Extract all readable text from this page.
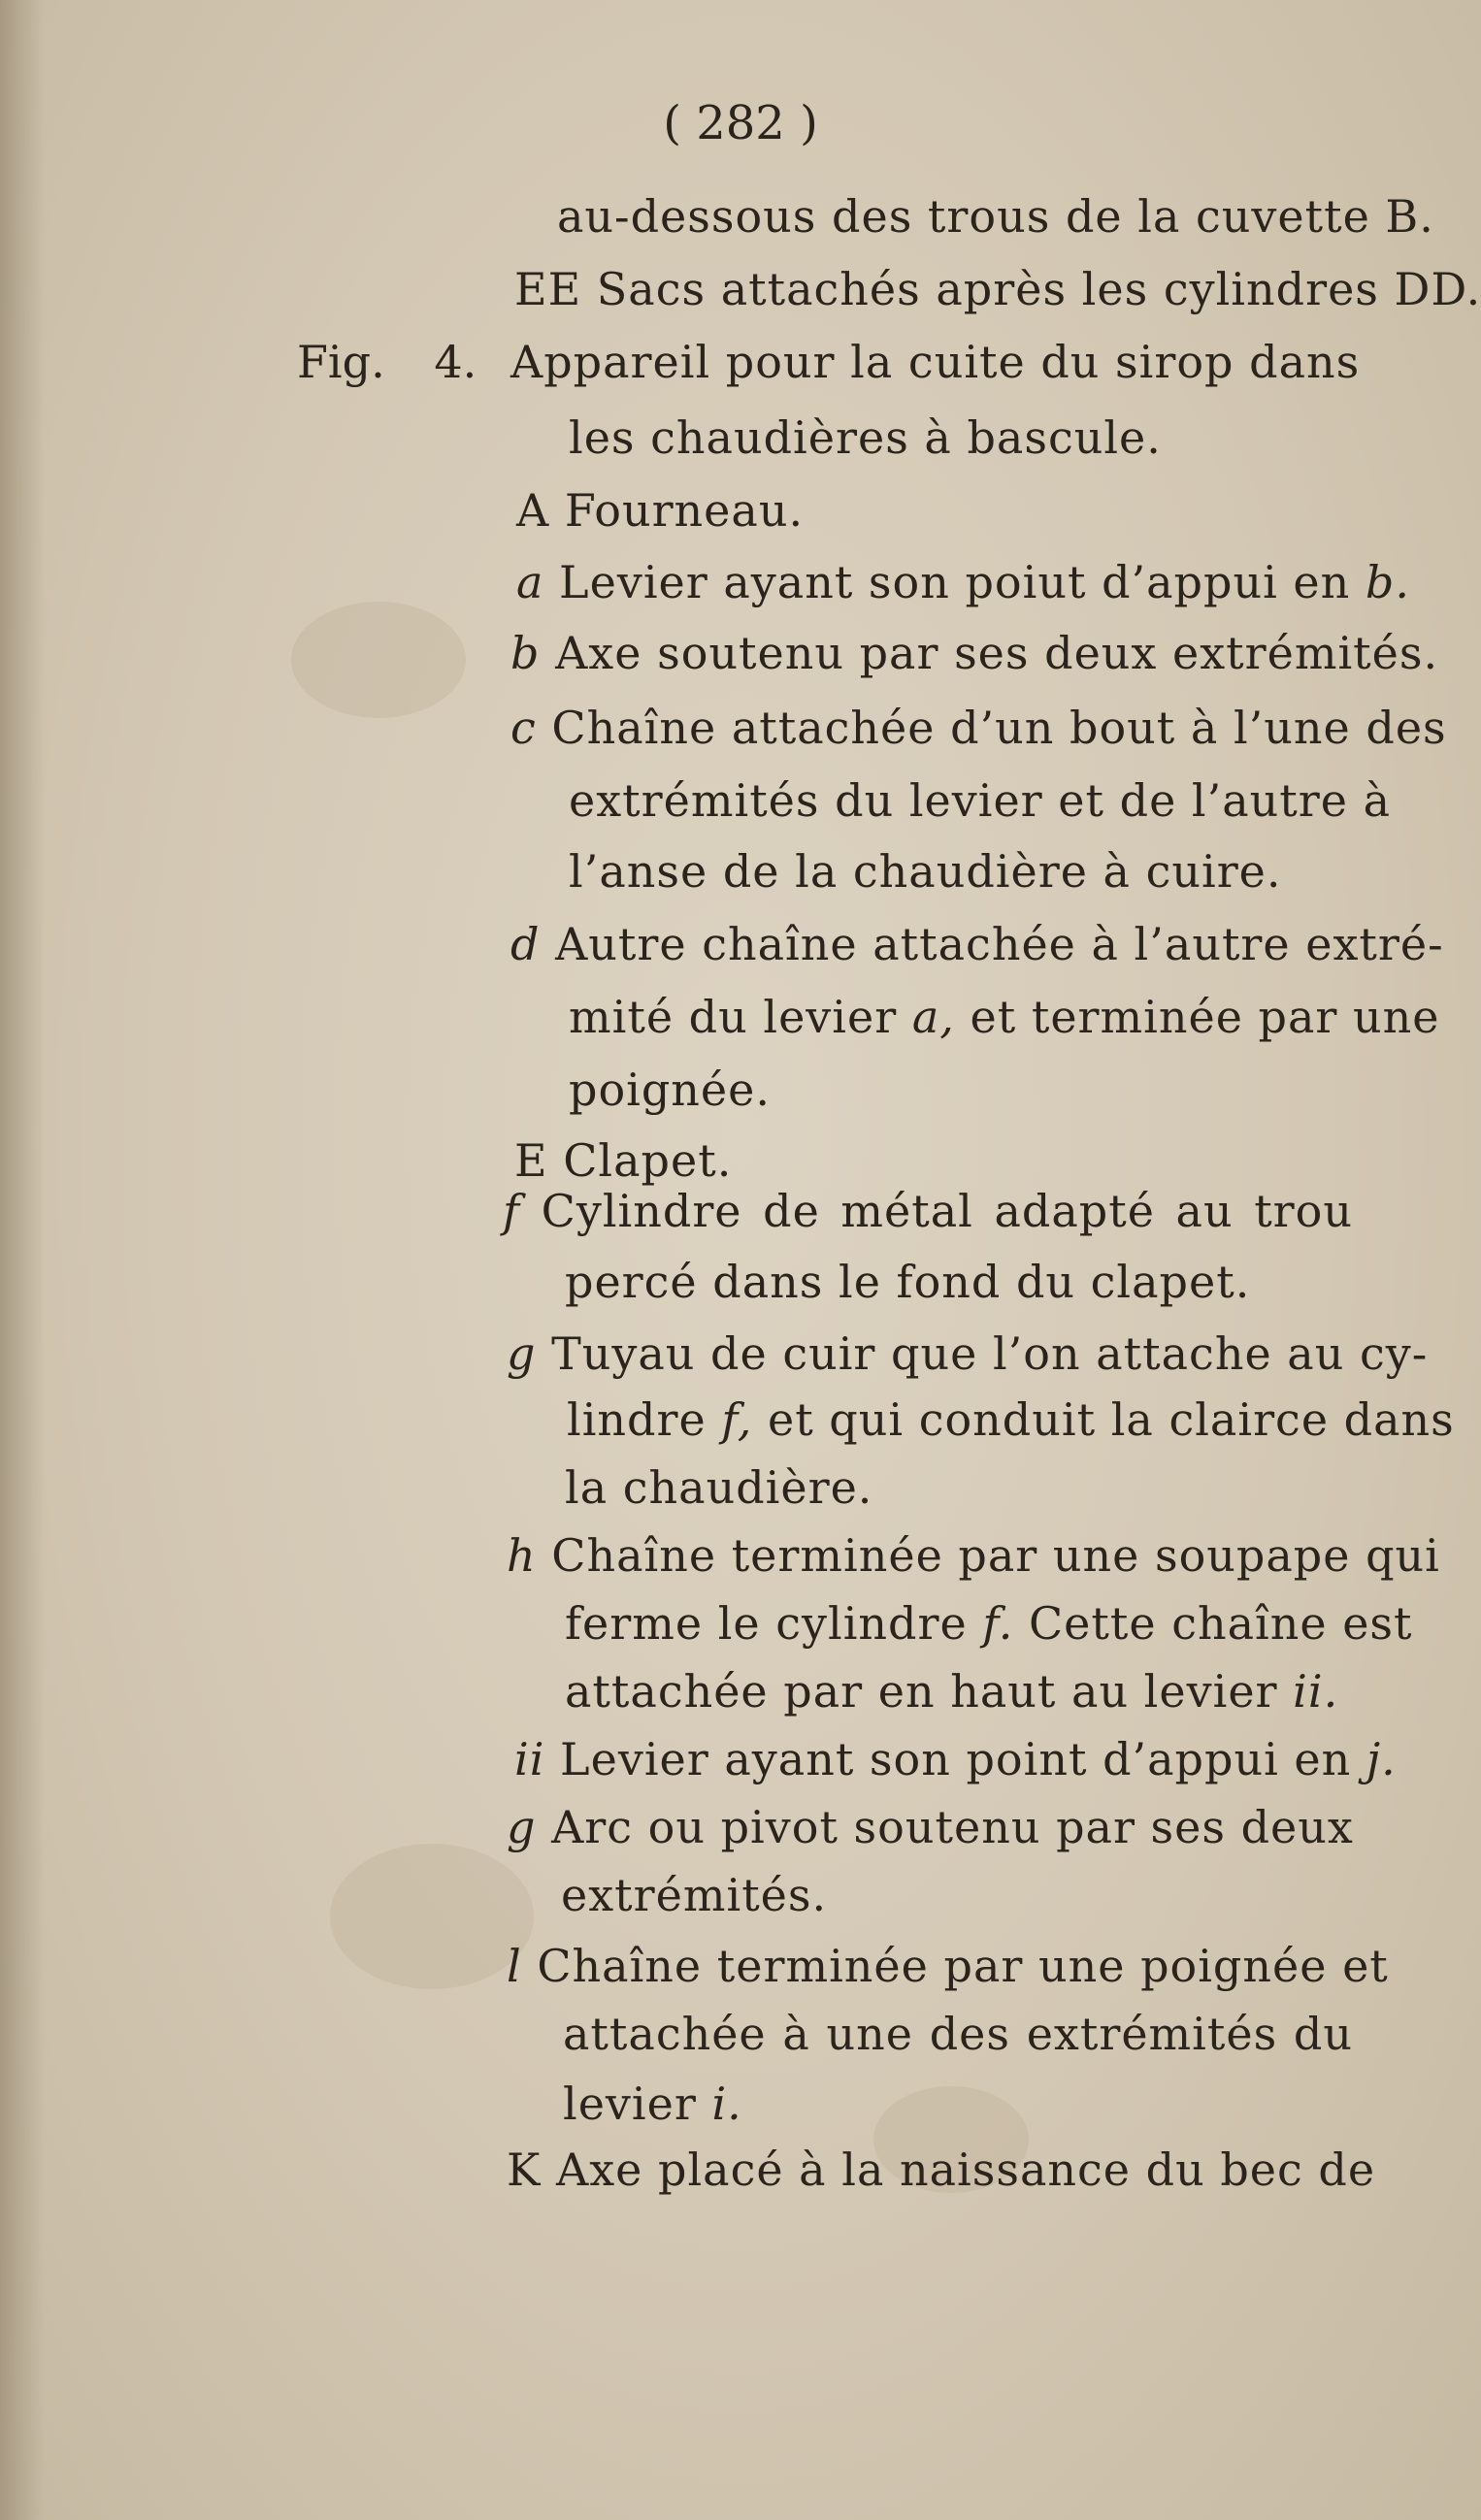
( 282 )
au-dessous des trous de la cuvette B.
EE Sacs attachés après les cylindres DD.
Fig. 4. Appareil pour la cuite du sirop dans
les chaudières à bascule.
A Fourneau.
a Levier ayant son poiut d’appui en b.
b Axe soutenu par ses deux extrémités.
c Chaîne attachée d’un bout à l’une des
extrémités du levier et de l’autre à
l’anse de la chaudière à cuire.
d Autre chaîne attachée à l’autre extré-
mité du levier a, et terminée par une
poignée.
E Clapet.
f Cylindre de métal adapté au trou
percé dans le fond du clapet.
g Tuyau de cuir que l’on attache au cy-
lindre f, et qui conduit la clairce dans
la chaudière.
h Chaîne terminée par une soupape qui
ferme le cylindre f. Cette chaîne est
attachée par en haut au levier ii.
ii Levier ayant son point d’appui en j.
g Arc ou pivot soutenu par ses deux
extrémités.
l Chaîne terminée par une poignée et
attachée à une des extrémités du
levier i.
K Axe placé à la naissance du bec de
